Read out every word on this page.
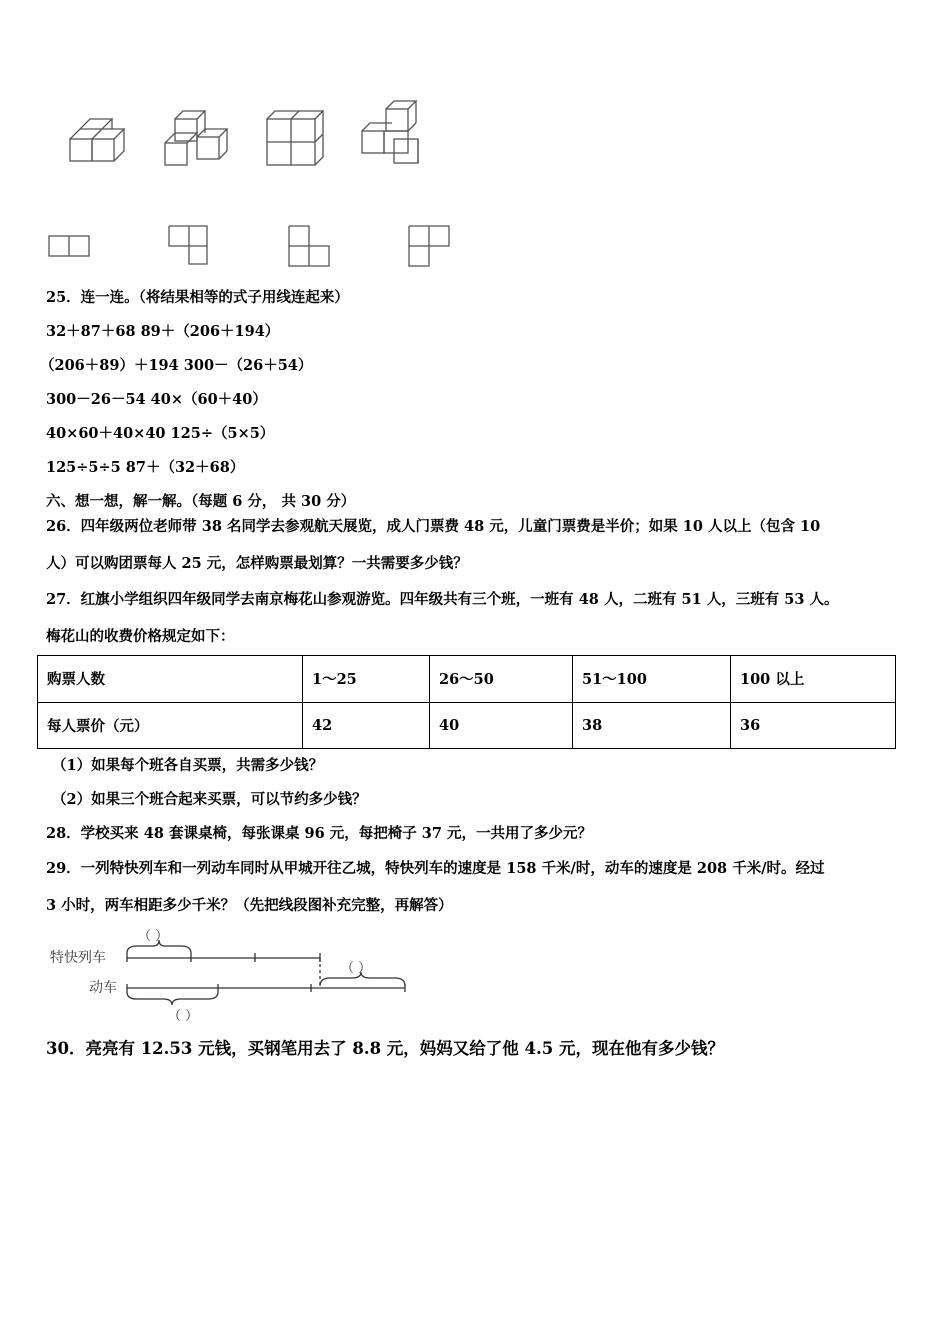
25．连一连。（将结果相等的式子用线连起来）
32＋87＋68 89＋（206＋194）
（206＋89）＋194 300－（26＋54）
300－26－54 40×（60＋40）
40×60＋40×40 125÷（5×5）
125÷5÷5 87＋（32＋68）
六、想一想，解一解。（每题 6 分， 共 30 分）
26．四年级两位老师带 38 名同学去参观航天展览，成人门票费 48 元，儿童门票费是半价；如果 10 人以上（包含 10
人）可以购团票每人 25 元，怎样购票最划算？一共需要多少钱？
27．红旗小学组织四年级同学去南京梅花山参观游览。四年级共有三个班，一班有 48 人，二班有 51 人，三班有 53 人。
梅花山的收费价格规定如下：
购票人数	1～25	26～50	51～100	100 以上
每人票价（元）	42	40	38	36
（1）如果每个班各自买票，共需多少钱？
（2）如果三个班合起来买票，可以节约多少钱？
28．学校买来 48 套课桌椅，每张课桌 96 元，每把椅子 37 元，一共用了多少元？
29．一列特快列车和一列动车同时从甲城开往乙城，特快列车的速度是 158 千米/时，动车的速度是 208 千米/时。经过
3 小时，两车相距多少千米？（先把线段图补充完整，再解答）
特快列车
动车
（ ）
（ ）
（ ）
30．亮亮有 12.53 元钱，买钢笔用去了 8.8 元，妈妈又给了他 4.5 元，现在他有多少钱？
